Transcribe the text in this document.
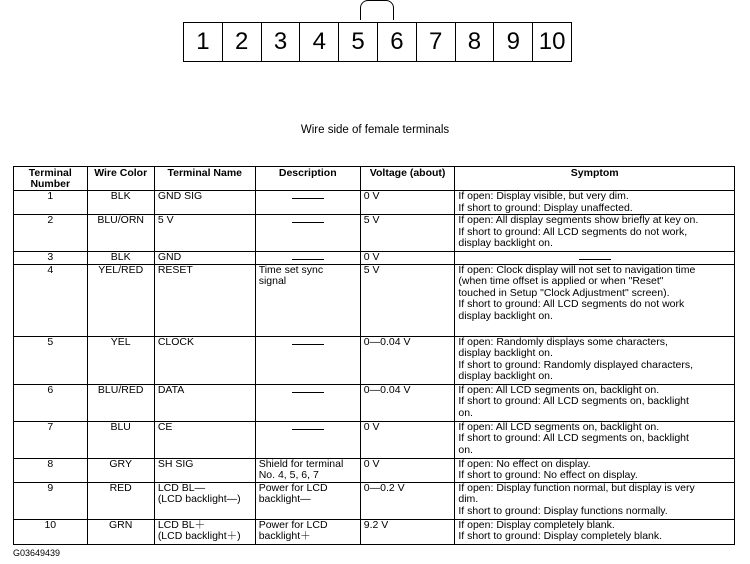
1	2	3	4	5	6	7	8	9 10
Wire side of female terminals
Terminal Number	Wire Color	Terminal Name	Description	Voltage (about)	Symptom
1	BLK	GND SIG		0 V	If open: Display visible, but very dim.
If short to ground: Display unaffected.

2	BLU/ORN	5 V		5 V	If open: All display segments show briefly at key on.
If short to ground: All LCD segments do not work,
display backlight on.

3	BLK	GND		0 V	
4	YEL/RED	RESET	Time set sync
signal	5 V	If open: Clock display will not set to navigation time
(when time offset is applied or when "Reset"
touched in Setup "Clock Adjustment" screen).
If short to ground: All LCD segments do not work
display backlight on.

5	YEL	CLOCK		0—0.04 V	If open: Randomly displays some characters,
display backlight on.
If short to ground: Randomly displayed characters,
display backlight on.

6	BLU/RED	DATA		0—0.04 V	If open: All LCD segments on, backlight on.
If short to ground: All LCD segments on, backlight
on.

7	BLU	CE		0 V	If open: All LCD segments on, backlight on.
If short to ground: All LCD segments on, backlight
on.

8	GRY	SH SIG	Shield for terminal
No. 4, 5, 6, 7	0 V	If open: No effect on display.
If short to ground: No effect on display.

9	RED	LCD BL—
(LCD backlight—)	Power for LCD
backlight—	0—0.2 V	If open: Display function normal, but display is very
dim.
If short to ground: Display functions normally.

10	GRN	LCD BL＋
(LCD backlight＋)	Power for LCD
backlight＋	9.2 V	If open: Display completely blank.
If short to ground: Display completely blank.
G03649439
